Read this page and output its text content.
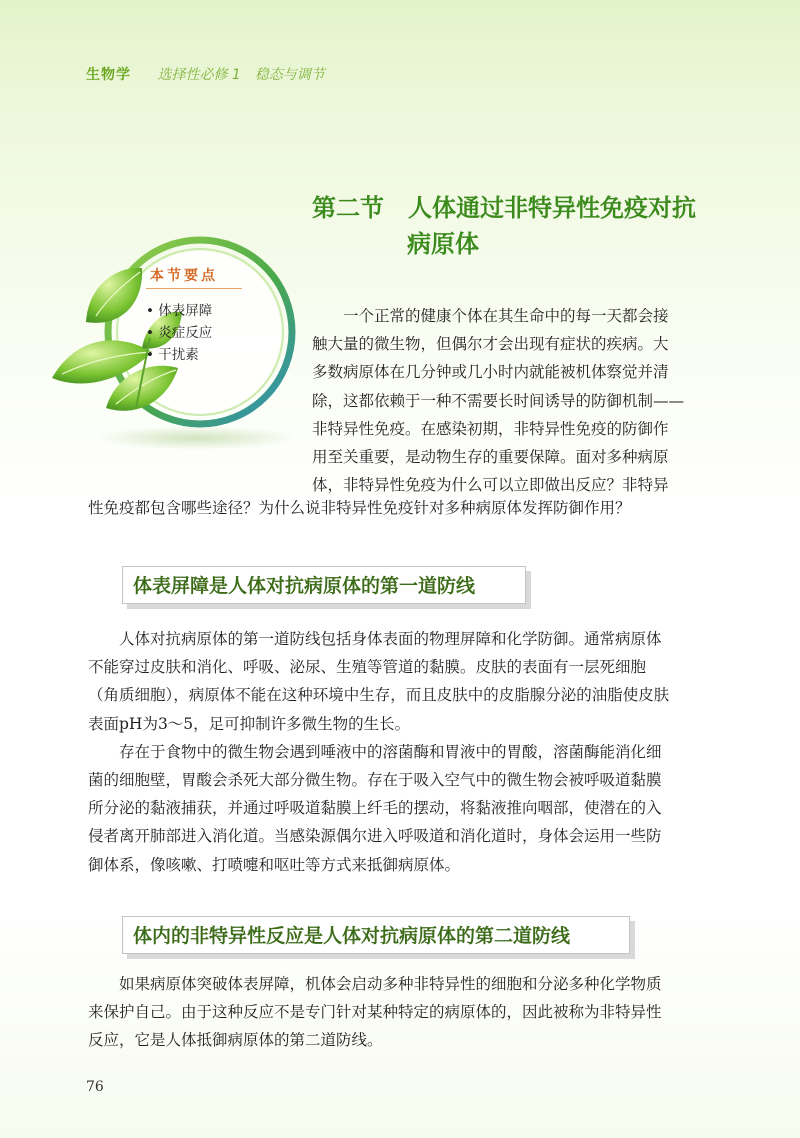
生物学 选择性必修 1　稳态与调节
第二节　人体通过非特异性免疫对抗
病原体
本节要点
• 体表屏障
• 炎症反应
• 干扰素
一个正常的健康个体在其生命中的每一天都会接
触大量的微生物，但偶尔才会出现有症状的疾病。大
多数病原体在几分钟或几小时内就能被机体察觉并清
除，这都依赖于一种不需要长时间诱导的防御机制——
非特异性免疫。在感染初期，非特异性免疫的防御作
用至关重要，是动物生存的重要保障。面对多种病原
体，非特异性免疫为什么可以立即做出反应？非特异
性免疫都包含哪些途径？为什么说非特异性免疫针对多种病原体发挥防御作用？
体表屏障是人体对抗病原体的第一道防线
　　人体对抗病原体的第一道防线包括身体表面的物理屏障和化学防御。通常病原体
不能穿过皮肤和消化、呼吸、泌尿、生殖等管道的黏膜。皮肤的表面有一层死细胞
（角质细胞），病原体不能在这种环境中生存，而且皮肤中的皮脂腺分泌的油脂使皮肤
表面pH为3～5，足可抑制许多微生物的生长。
　　存在于食物中的微生物会遇到唾液中的溶菌酶和胃液中的胃酸，溶菌酶能消化细
菌的细胞壁，胃酸会杀死大部分微生物。存在于吸入空气中的微生物会被呼吸道黏膜
所分泌的黏液捕获，并通过呼吸道黏膜上纤毛的摆动，将黏液推向咽部，使潜在的入
侵者离开肺部进入消化道。当感染源偶尔进入呼吸道和消化道时，身体会运用一些防
御体系，像咳嗽、打喷嚏和呕吐等方式来抵御病原体。
体内的非特异性反应是人体对抗病原体的第二道防线
　　如果病原体突破体表屏障，机体会启动多种非特异性的细胞和分泌多种化学物质
来保护自己。由于这种反应不是专门针对某种特定的病原体的，因此被称为非特异性
反应，它是人体抵御病原体的第二道防线。
76
